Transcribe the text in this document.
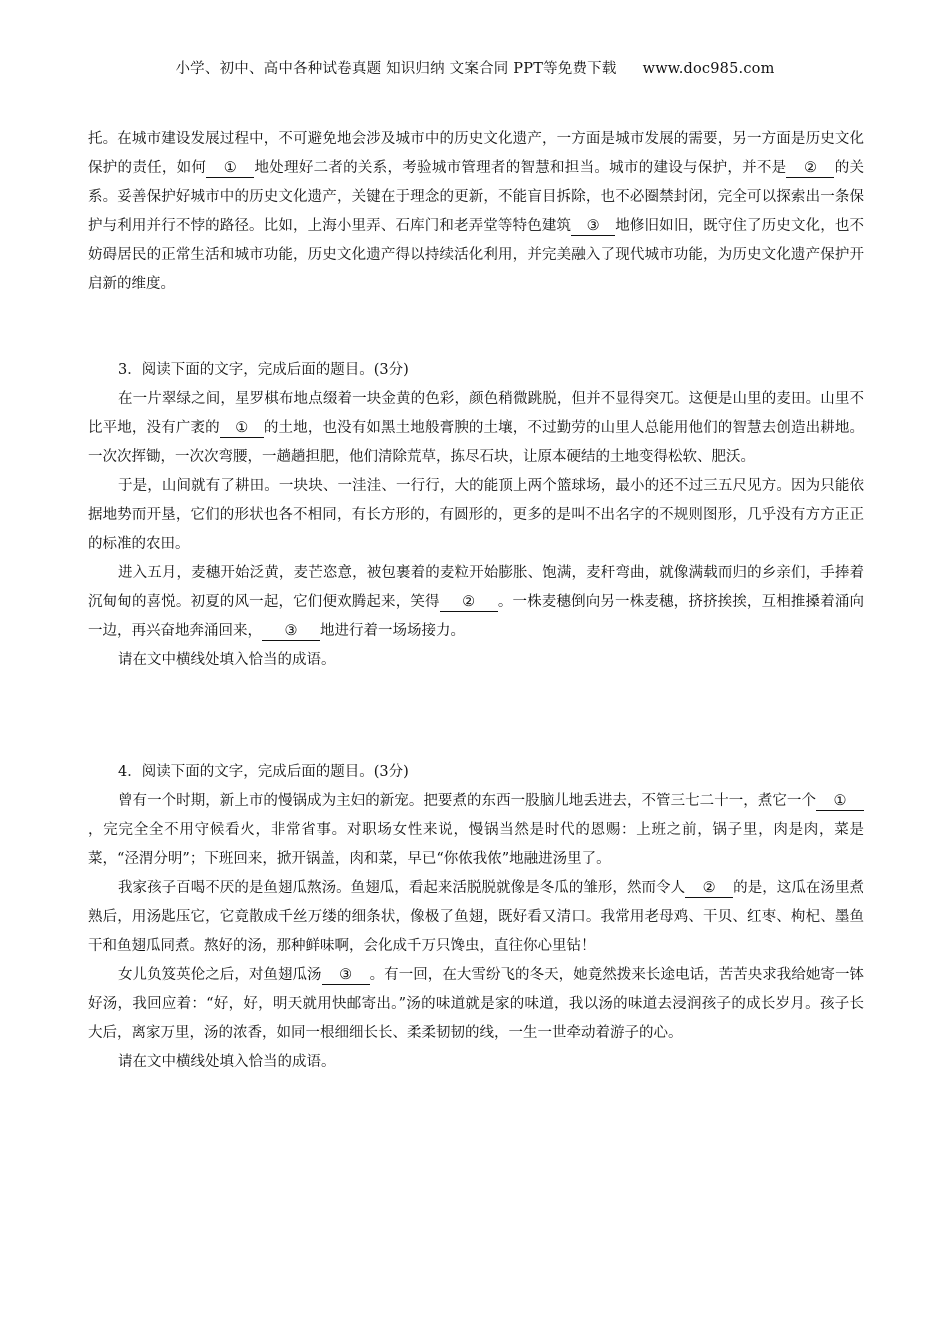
小学、初中、高中各种试卷真题 知识归纳 文案合同 PPT等免费下载 www.doc985.com

托。在城市建设发展过程中，不可避免地会涉及城市中的历史文化遗产，一方面是城市发展的需要，另一方面是历史文化保护的责任，如何 ① 地处理好二者的关系，考验城市管理者的智慧和担当。城市的建设与保护，并不是 ② 的关系。妥善保护好城市中的历史文化遗产，关键在于理念的更新，不能盲目拆除，也不必圈禁封闭，完全可以探索出一条保护与利用并行不悖的路径。比如，上海小里弄、石库门和老弄堂等特色建筑 ③ 地修旧如旧，既守住了历史文化，也不妨碍居民的正常生活和城市功能，历史文化遗产得以持续活化利用，并完美融入了现代城市功能，为历史文化遗产保护开启新的维度。

3．阅读下面的文字，完成后面的题目。(3分)

在一片翠绿之间，星罗棋布地点缀着一块金黄的色彩，颜色稍微跳脱，但并不显得突兀。这便是山里的麦田。山里不比平地，没有广袤的 ① 的土地，也没有如黑土地般膏腴的土壤，不过勤劳的山里人总能用他们的智慧去创造出耕地。一次次挥锄，一次次弯腰，一趟趟担肥，他们清除荒草，拣尽石块，让原本硬结的土地变得松软、肥沃。

于是，山间就有了耕田。一块块、一洼洼、一行行，大的能顶上两个篮球场，最小的还不过三五尺见方。因为只能依据地势而开垦，它们的形状也各不相同，有长方形的，有圆形的，更多的是叫不出名字的不规则图形，几乎没有方方正正的标准的农田。

进入五月，麦穗开始泛黄，麦芒恣意，被包裹着的麦粒开始膨胀、饱满，麦秆弯曲，就像满载而归的乡亲们，手捧着沉甸甸的喜悦。初夏的风一起，它们便欢腾起来，笑得 ② 。一株麦穗倒向另一株麦穗，挤挤挨挨，互相推搡着涌向一边，再兴奋地奔涌回来， ③ 地进行着一场场接力。

请在文中横线处填入恰当的成语。

4．阅读下面的文字，完成后面的题目。(3分)

曾有一个时期，新上市的慢锅成为主妇的新宠。把要煮的东西一股脑儿地丢进去，不管三七二十一，煮它一个 ①，完完全全不用守候看火，非常省事。对职场女性来说，慢锅当然是时代的恩赐：上班之前，锅子里，肉是肉，菜是菜，“泾渭分明”；下班回来，掀开锅盖，肉和菜，早已“你侬我侬”地融进汤里了。

我家孩子百喝不厌的是鱼翅瓜熬汤。鱼翅瓜，看起来活脱脱就像是冬瓜的雏形，然而令人 ② 的是，这瓜在汤里煮熟后，用汤匙压它，它竟散成千丝万缕的细条状，像极了鱼翅，既好看又清口。我常用老母鸡、干贝、红枣、枸杞、墨鱼干和鱼翅瓜同煮。熬好的汤，那种鲜味啊，会化成千万只馋虫，直往你心里钻！

女儿负笈英伦之后，对鱼翅瓜汤 ③ 。有一回，在大雪纷飞的冬天，她竟然拨来长途电话，苦苦央求我给她寄一钵好汤，我回应着：“好，好，明天就用快邮寄出。”汤的味道就是家的味道，我以汤的味道去浸润孩子的成长岁月。孩子长大后，离家万里，汤的浓香，如同一根细细长长、柔柔韧韧的线，一生一世牵动着游子的心。

请在文中横线处填入恰当的成语。
